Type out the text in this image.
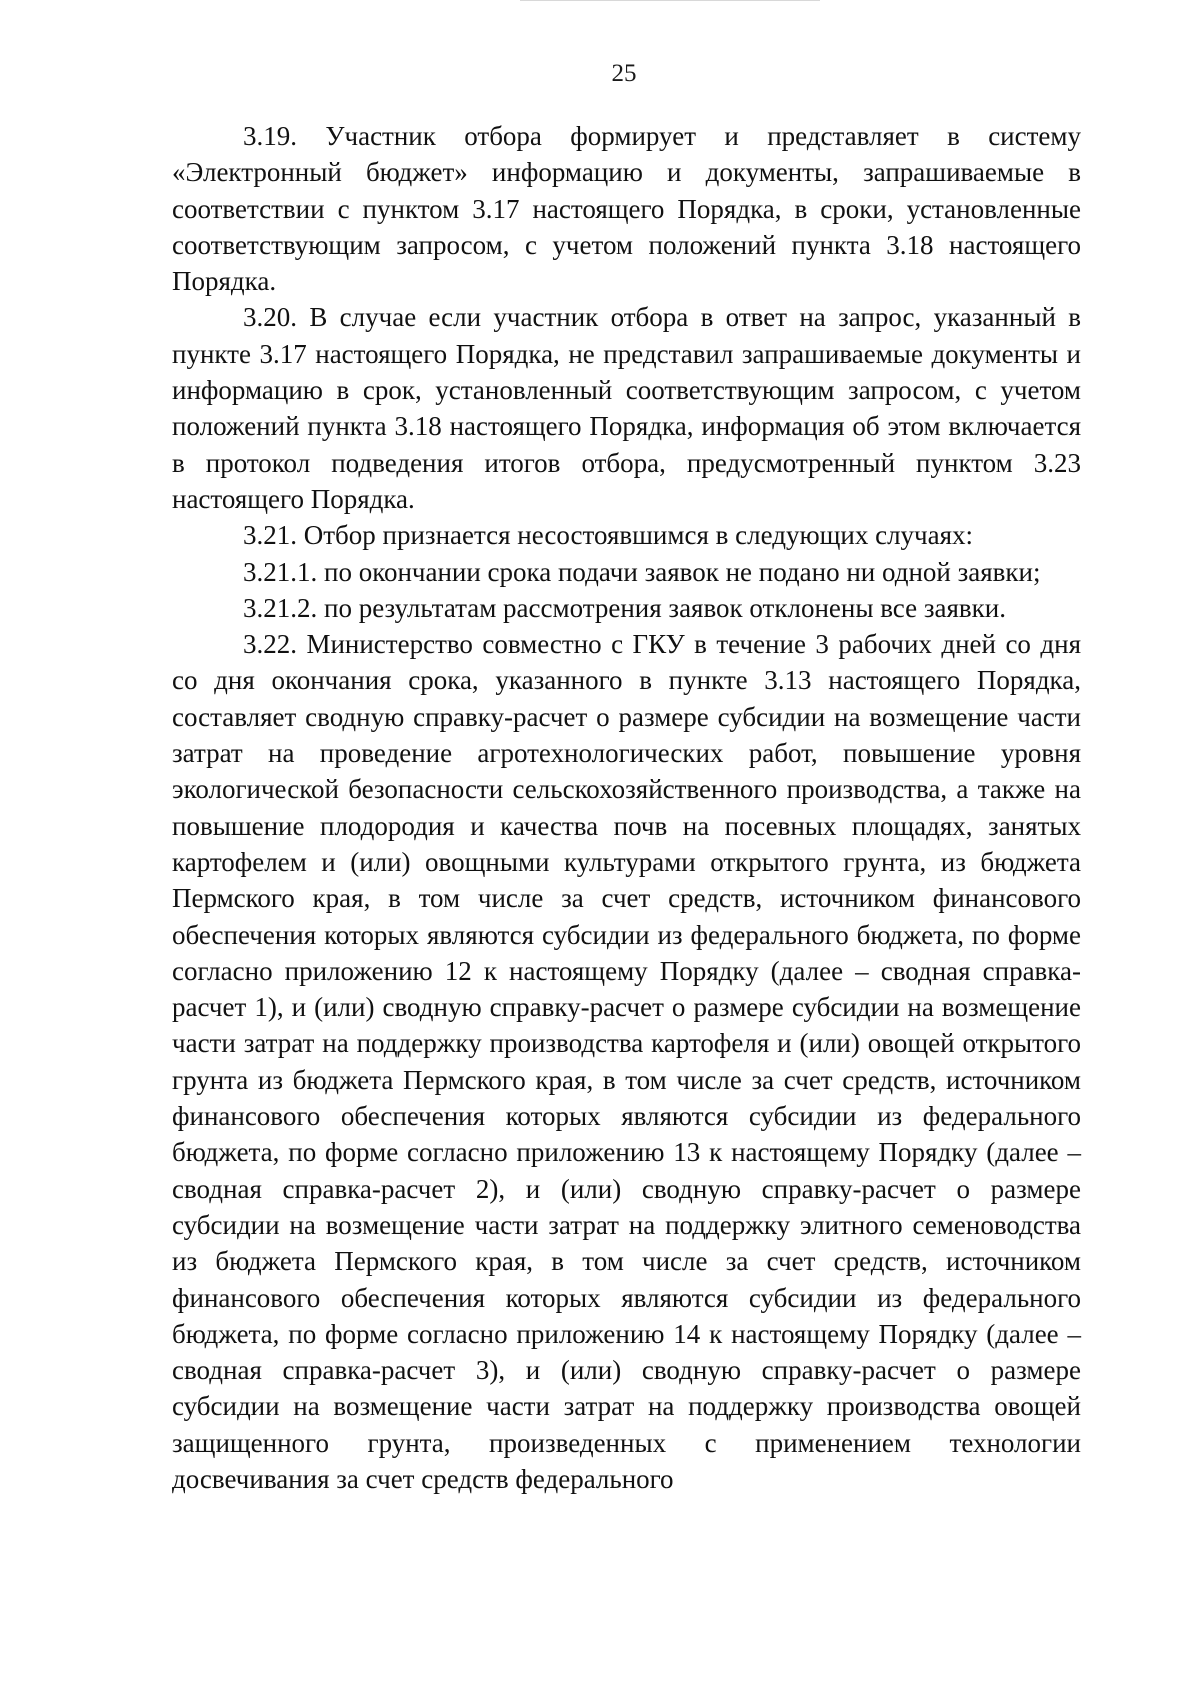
25

3.19. Участник отбора формирует и представляет в систему «Электронный бюджет» информацию и документы, запрашиваемые в соответствии с пунктом 3.17 настоящего Порядка, в сроки, установленные соответствующим запросом, с учетом положений пункта 3.18 настоящего Порядка.

3.20. В случае если участник отбора в ответ на запрос, указанный в пункте 3.17 настоящего Порядка, не представил запрашиваемые документы и информацию в срок, установленный соответствующим запросом, с учетом положений пункта 3.18 настоящего Порядка, информация об этом включается в протокол подведения итогов отбора, предусмотренный пунктом 3.23 настоящего Порядка.

3.21. Отбор признается несостоявшимся в следующих случаях:

3.21.1. по окончании срока подачи заявок не подано ни одной заявки;

3.21.2. по результатам рассмотрения заявок отклонены все заявки.

3.22. Министерство совместно с ГКУ в течение 3 рабочих дней со дня со дня окончания срока, указанного в пункте 3.13 настоящего Порядка, составляет сводную справку-расчет о размере субсидии на возмещение части затрат на проведение агротехнологических работ, повышение уровня экологической безопасности сельскохозяйственного производства, а также на повышение плодородия и качества почв на посевных площадях, занятых картофелем и (или) овощными культурами открытого грунта, из бюджета Пермского края, в том числе за счет средств, источником финансового обеспечения которых являются субсидии из федерального бюджета, по форме согласно приложению 12 к настоящему Порядку (далее – сводная справка-расчет 1), и (или) сводную справку-расчет о размере субсидии на возмещение части затрат на поддержку производства картофеля и (или) овощей открытого грунта из бюджета Пермского края, в том числе за счет средств, источником финансового обеспечения которых являются субсидии из федерального бюджета, по форме согласно приложению 13 к настоящему Порядку (далее – сводная справка-расчет 2), и (или) сводную справку-расчет о размере субсидии на возмещение части затрат на поддержку элитного семеноводства из бюджета Пермского края, в том числе за счет средств, источником финансового обеспечения которых являются субсидии из федерального бюджета, по форме согласно приложению 14 к настоящему Порядку (далее – сводная справка-расчет 3), и (или) сводную справку-расчет о размере субсидии на возмещение части затрат на поддержку производства овощей защищенного грунта, произведенных с применением технологии досвечивания за счет средств федерального
